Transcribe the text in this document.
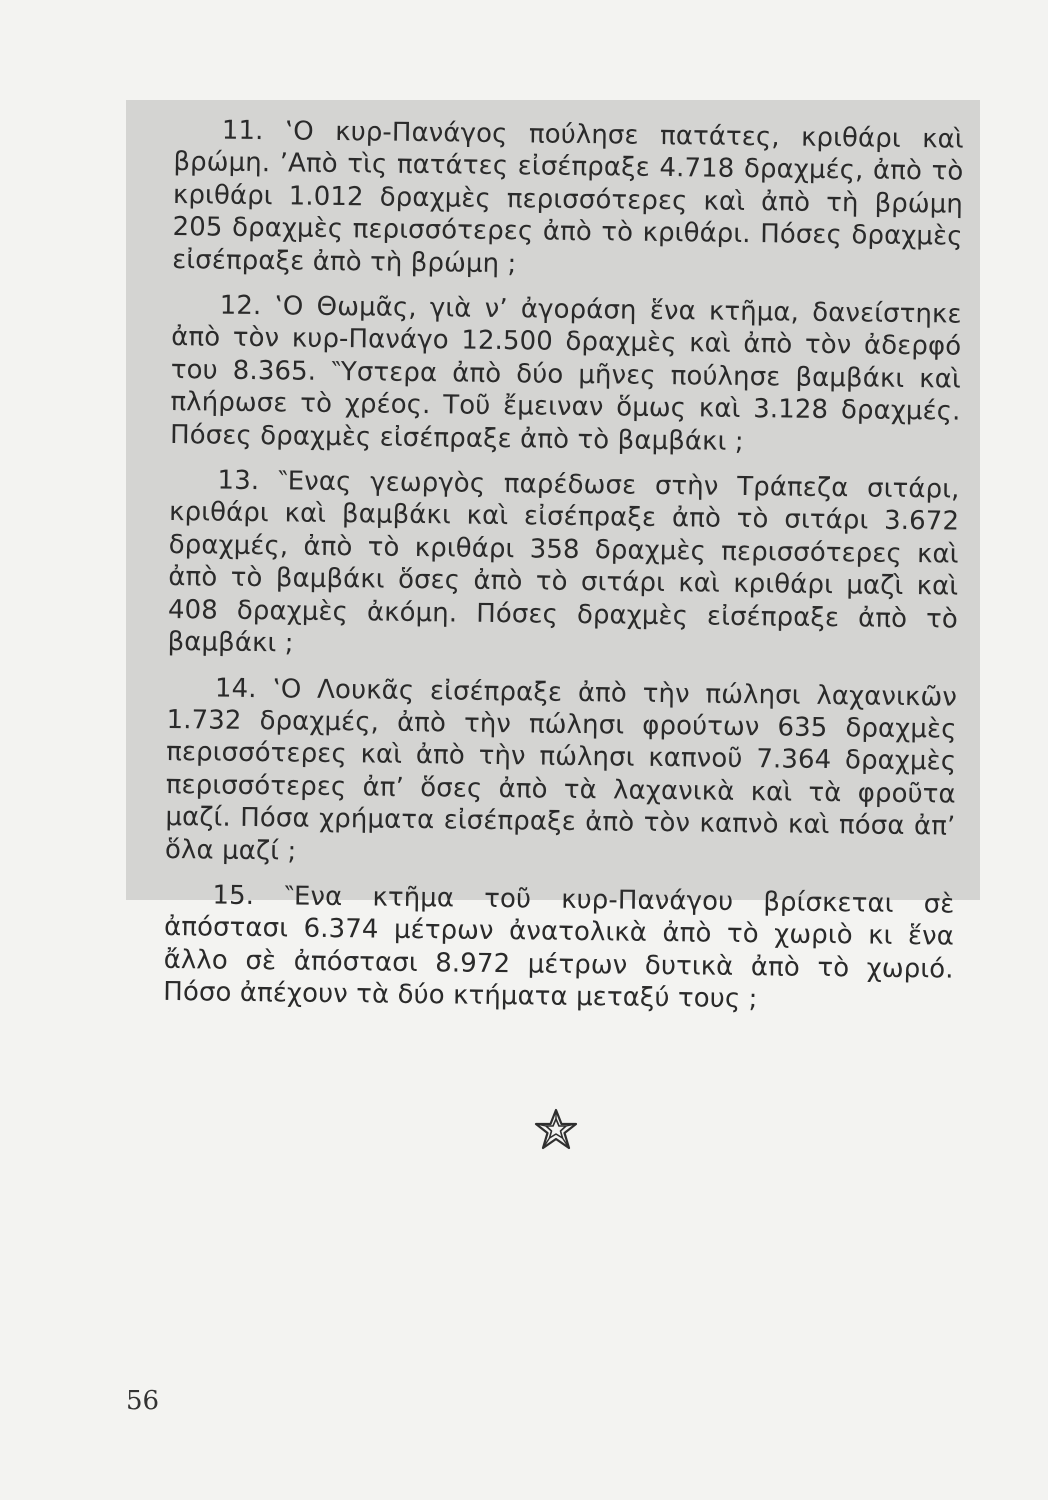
11. ‛Ο κυρ-Πανάγος πούλησε πατάτες, κριθάρι καὶ βρώμη. ’Απὸ τὶς πατάτες εἰσέπραξε 4.718 δραχμές, ἀπὸ τὸ κριθάρι 1.012 δραχμὲς περισσότερες καὶ ἀπὸ τὴ βρώμη 205 δραχμὲς περισσότερες ἀπὸ τὸ κριθάρι. Πόσες δραχμὲς εἰσέπραξε ἀπὸ τὴ βρώμη ;

12. ‛Ο Θωμᾶς, γιὰ ν’ ἀγοράση ἕνα κτῆμα, δανείστηκε ἀπὸ τὸν κυρ-Πανάγο 12.500 δραχμὲς καὶ ἀπὸ τὸν ἀδερφό του 8.365. ‶Υστερα ἀπὸ δύο μῆνες πούλησε βαμβάκι καὶ πλήρωσε τὸ χρέος. Τοῦ ἔμειναν ὅμως καὶ 3.128 δραχμές. Πόσες δραχμὲς εἰσέπραξε ἀπὸ τὸ βαμβάκι ;

13. ‶Ενας γεωργὸς παρέδωσε στὴν Τράπεζα σιτάρι, κριθάρι καὶ βαμβάκι καὶ εἰσέπραξε ἀπὸ τὸ σιτάρι 3.672 δραχμές, ἀπὸ τὸ κριθάρι 358 δραχμὲς περισσότερες καὶ ἀπὸ τὸ βαμβάκι ὅσες ἀπὸ τὸ σιτάρι καὶ κριθάρι μαζὶ καὶ 408 δραχμὲς ἀκόμη. Πόσες δραχμὲς εἰσέπραξε ἀπὸ τὸ βαμβάκι ;

14. ‛Ο Λουκᾶς εἰσέπραξε ἀπὸ τὴν πώλησι λαχανικῶν 1.732 δραχμές, ἀπὸ τὴν πώλησι φρούτων 635 δραχμὲς περισσότερες καὶ ἀπὸ τὴν πώλησι καπνοῦ 7.364 δραχμὲς περισσότερες ἀπ’ ὅσες ἀπὸ τὰ λαχανικὰ καὶ τὰ φροῦτα μαζί. Πόσα χρήματα εἰσέπραξε ἀπὸ τὸν καπνὸ καὶ πόσα ἀπ’ ὅλα μαζί ;

15. ‶Ενα κτῆμα τοῦ κυρ-Πανάγου βρίσκεται σὲ ἀπόστασι 6.374 μέτρων ἀνατολικὰ ἀπὸ τὸ χωριὸ κι ἕνα ἄλλο σὲ ἀπόστασι 8.972 μέτρων δυτικὰ ἀπὸ τὸ χωριό. Πόσο ἀπέχουν τὰ δύο κτήματα μεταξύ τους ;

56
